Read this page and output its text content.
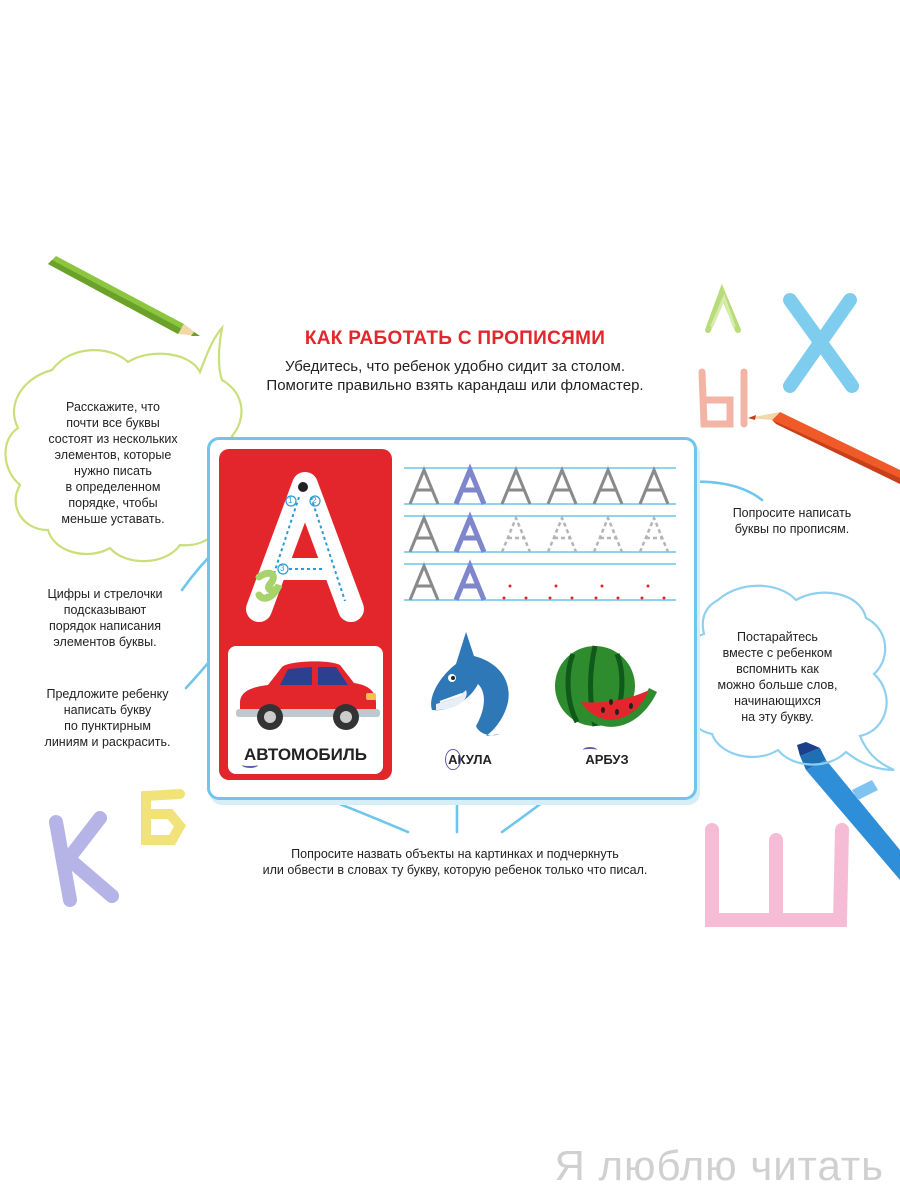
КАК РАБОТАТЬ С ПРОПИСЯМИ
Убедитесь, что ребенок удобно сидит за столом.
Помогите правильно взять карандаш или фломастер.
Расскажите, что
почти все буквы
состоят из нескольких
элементов, которые
нужно писать
в определенном
порядке, чтобы
меньше уставать.
Цифры и стрелочки
подсказывают
порядок написания
элементов буквы.
Предложите ребенку
написать букву
по пунктирным
линиям и раскрасить.
Попросите написать
буквы по прописям.
Постарайтесь
вместе с ребенком
вспомнить как
можно больше слов,
начинающихся
на эту букву.
Попросите назвать объекты на картинках и подчеркнуть
или обвести в словах ту букву, которую ребенок только что писал.
1 2
3
А
ВТОМОБИЛЬ	А
КУЛА	А
РБУЗ
Я люблю читать
